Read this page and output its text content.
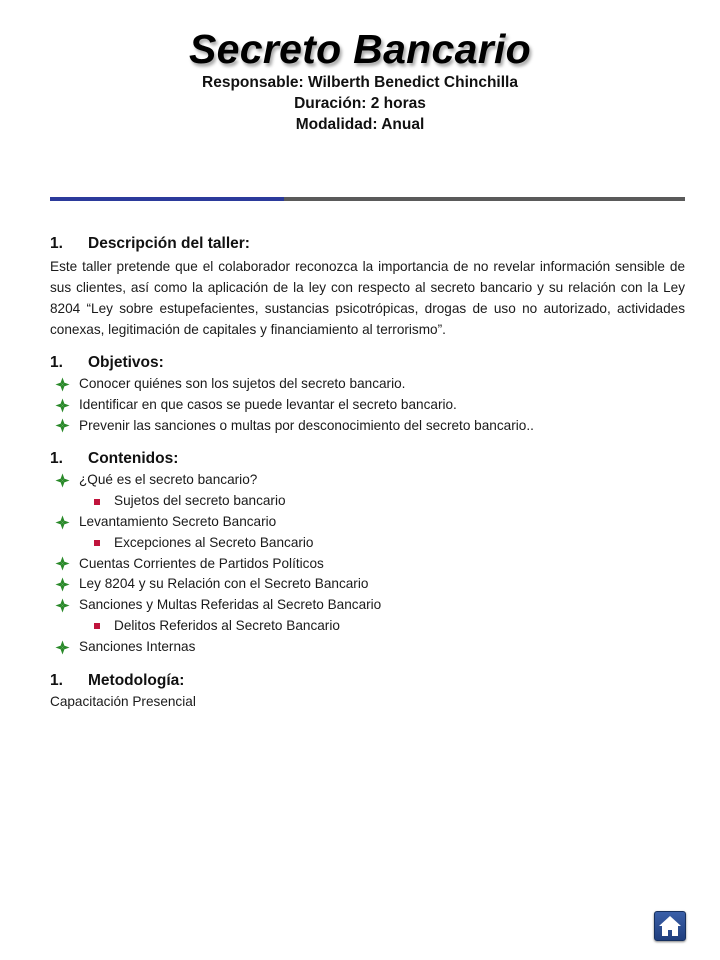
Secreto Bancario
Responsable: Wilberth Benedict Chinchilla
Duración: 2 horas
Modalidad: Anual
1.	Descripción del taller:
Este taller pretende que el colaborador reconozca la importancia de no revelar información sensible de sus clientes, así como la aplicación de la ley con respecto al secreto bancario y su relación con la Ley 8204 “Ley sobre estupefacientes, sustancias psicotrópicas, drogas de uso no autorizado, actividades conexas, legitimación de capitales y financiamiento al terrorismo”.
1.	Objetivos:
Conocer quiénes son los sujetos del secreto bancario.
Identificar en que casos se puede levantar el secreto bancario.
Prevenir las sanciones o multas por desconocimiento del secreto bancario..
1.	Contenidos:
¿Qué es el secreto bancario?
Sujetos del secreto bancario
Levantamiento Secreto Bancario
Excepciones al Secreto Bancario
Cuentas Corrientes de Partidos Políticos
Ley 8204 y su Relación con el Secreto Bancario
Sanciones y Multas Referidas al Secreto Bancario
Delitos Referidos al Secreto Bancario
Sanciones Internas
1.	Metodología:
Capacitación Presencial
